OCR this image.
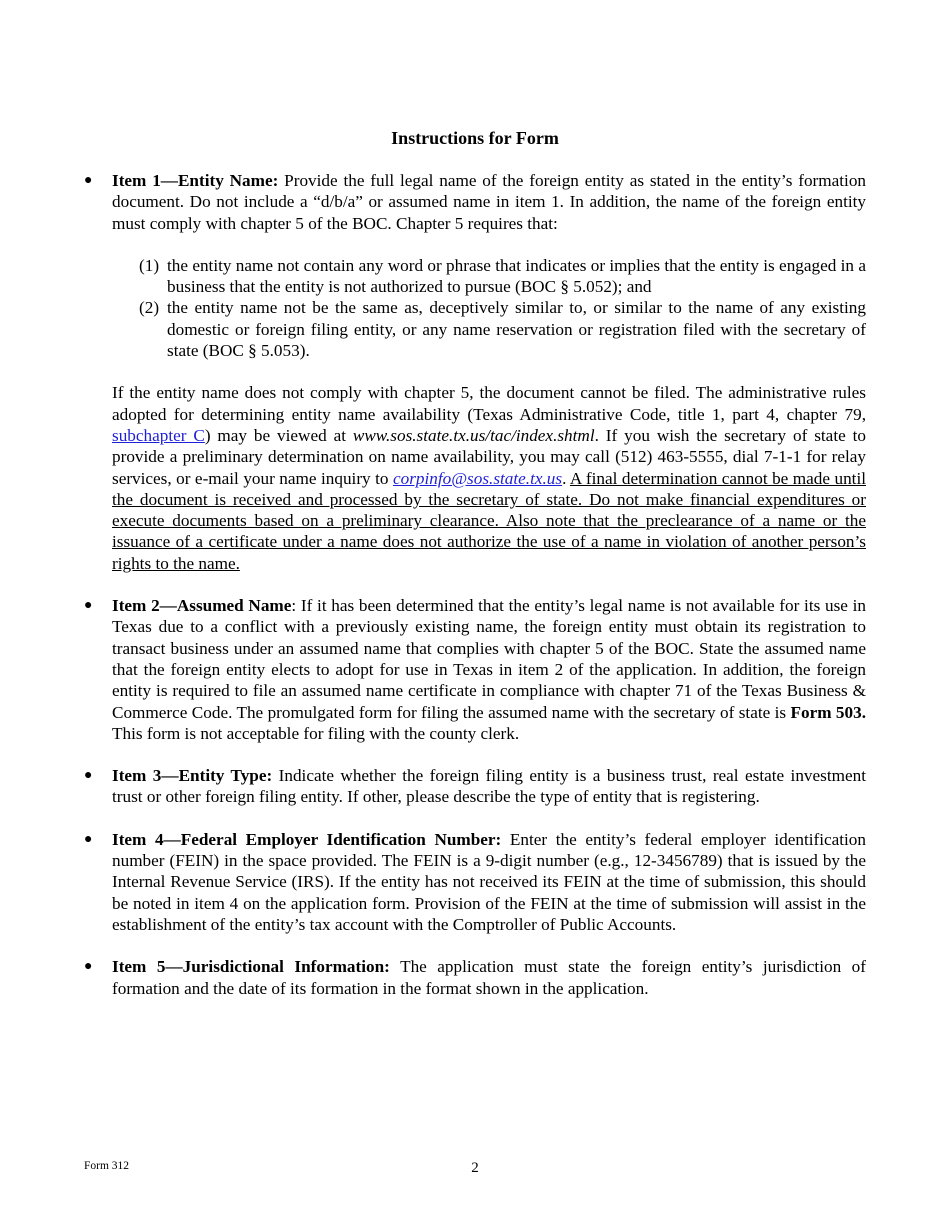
Instructions for Form
● Item 1—Entity Name: Provide the full legal name of the foreign entity as stated in the entity’s formation document. Do not include a “d/b/a” or assumed name in item 1. In addition, the name of the foreign entity must comply with chapter 5 of the BOC. Chapter 5 requires that:
(1) the entity name not contain any word or phrase that indicates or implies that the entity is engaged in a business that the entity is not authorized to pursue (BOC § 5.052); and
(2) the entity name not be the same as, deceptively similar to, or similar to the name of any existing domestic or foreign filing entity, or any name reservation or registration filed with the secretary of state (BOC § 5.053).
If the entity name does not comply with chapter 5, the document cannot be filed. The administrative rules adopted for determining entity name availability (Texas Administrative Code, title 1, part 4, chapter 79, subchapter C) may be viewed at www.sos.state.tx.us/tac/index.shtml. If you wish the secretary of state to provide a preliminary determination on name availability, you may call (512) 463-5555, dial 7-1-1 for relay services, or e-mail your name inquiry to corpinfo@sos.state.tx.us. A final determination cannot be made until the document is received and processed by the secretary of state. Do not make financial expenditures or execute documents based on a preliminary clearance. Also note that the preclearance of a name or the issuance of a certificate under a name does not authorize the use of a name in violation of another person’s rights to the name.
● Item 2—Assumed Name: If it has been determined that the entity’s legal name is not available for its use in Texas due to a conflict with a previously existing name, the foreign entity must obtain its registration to transact business under an assumed name that complies with chapter 5 of the BOC. State the assumed name that the foreign entity elects to adopt for use in Texas in item 2 of the application. In addition, the foreign entity is required to file an assumed name certificate in compliance with chapter 71 of the Texas Business & Commerce Code. The promulgated form for filing the assumed name with the secretary of state is Form 503. This form is not acceptable for filing with the county clerk.
● Item 3—Entity Type: Indicate whether the foreign filing entity is a business trust, real estate investment trust or other foreign filing entity. If other, please describe the type of entity that is registering.
● Item 4—Federal Employer Identification Number: Enter the entity’s federal employer identification number (FEIN) in the space provided. The FEIN is a 9-digit number (e.g., 12-3456789) that is issued by the Internal Revenue Service (IRS). If the entity has not received its FEIN at the time of submission, this should be noted in item 4 on the application form. Provision of the FEIN at the time of submission will assist in the establishment of the entity’s tax account with the Comptroller of Public Accounts.
● Item 5—Jurisdictional Information: The application must state the foreign entity’s jurisdiction of formation and the date of its formation in the format shown in the application.
Form 312	2
